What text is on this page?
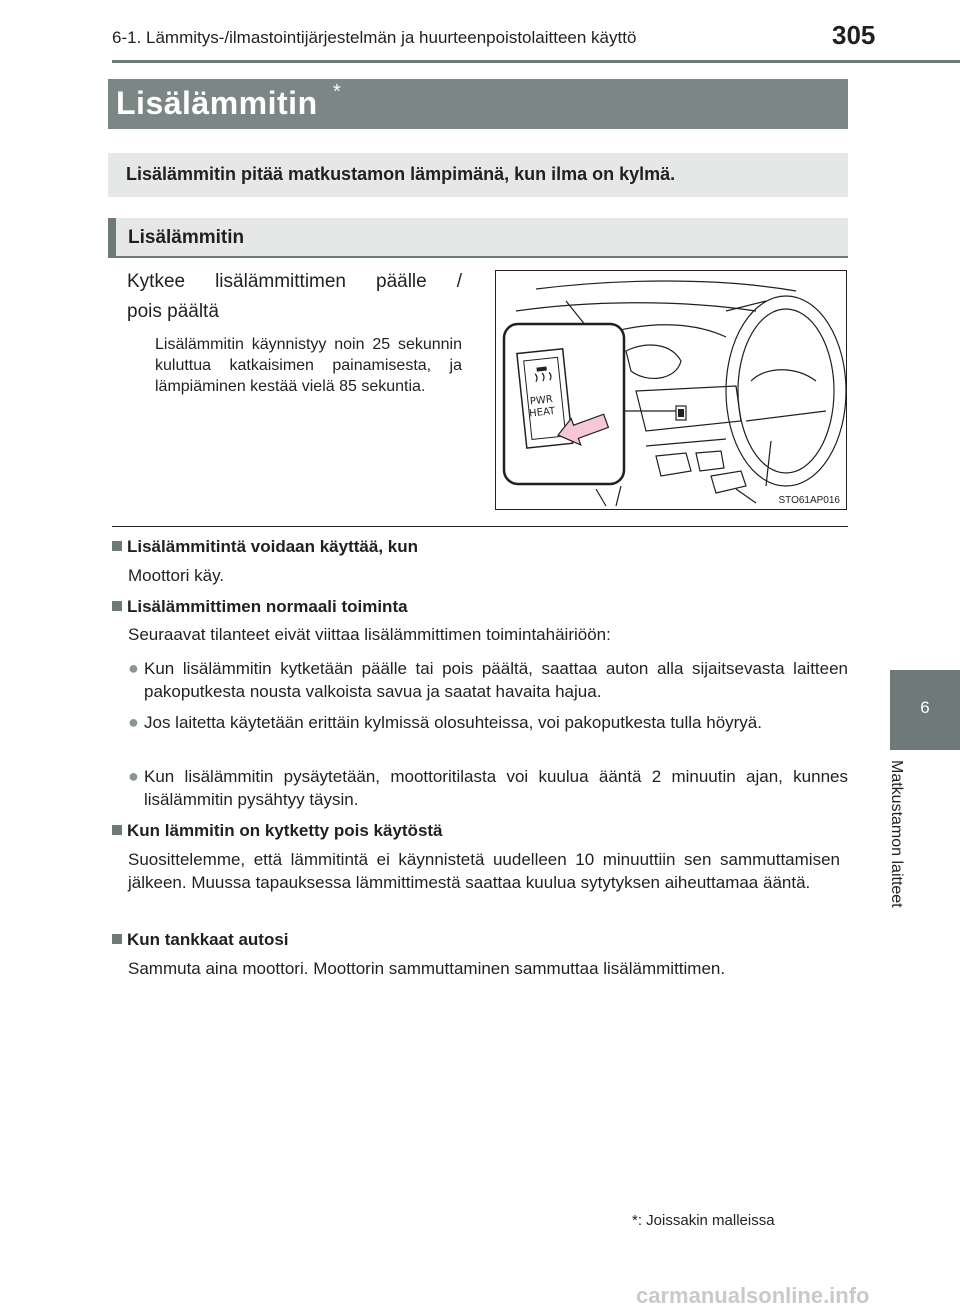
6-1. Lämmitys-/ilmastointijärjestelmän ja huurteenpoistolaitteen käyttö	305
6
Matkustamon laitteet
Lisälämmitin *
Lisälämmitin pitää matkustamon lämpimänä, kun ilma on kylmä.
Lisälämmitin
Kytkee lisälämmittimen päälle /
pois päältä
Lisälämmitin käynnistyy noin 25 sekunnin kuluttua katkaisimen painamisesta, ja lämpiäminen kestää vielä 85 sekuntia.
PWR
HEAT
STO61AP016
Lisälämmitintä voidaan käyttää, kun
Moottori käy.
Lisälämmittimen normaali toiminta
Seuraavat tilanteet eivät viittaa lisälämmittimen toimintahäiriöön:
● Kun lisälämmitin kytketään päälle tai pois päältä, saattaa auton alla sijaitsevasta laitteen pakoputkesta nousta valkoista savua ja saatat havaita hajua.
● Jos laitetta käytetään erittäin kylmissä olosuhteissa, voi pakoputkesta tulla höyryä.
● Kun lisälämmitin pysäytetään, moottoritilasta voi kuulua ääntä 2 minuutin ajan, kunnes lisälämmitin pysähtyy täysin.
Kun lämmitin on kytketty pois käytöstä
Suosittelemme, että lämmitintä ei käynnistetä uudelleen 10 minuuttiin sen sammuttamisen jälkeen. Muussa tapauksessa lämmittimestä saattaa kuulua sytytyksen aiheuttamaa ääntä.
Kun tankkaat autosi
Sammuta aina moottori. Moottorin sammuttaminen sammuttaa lisälämmittimen.
*: Joissakin malleissa
carmanualsonline.info
